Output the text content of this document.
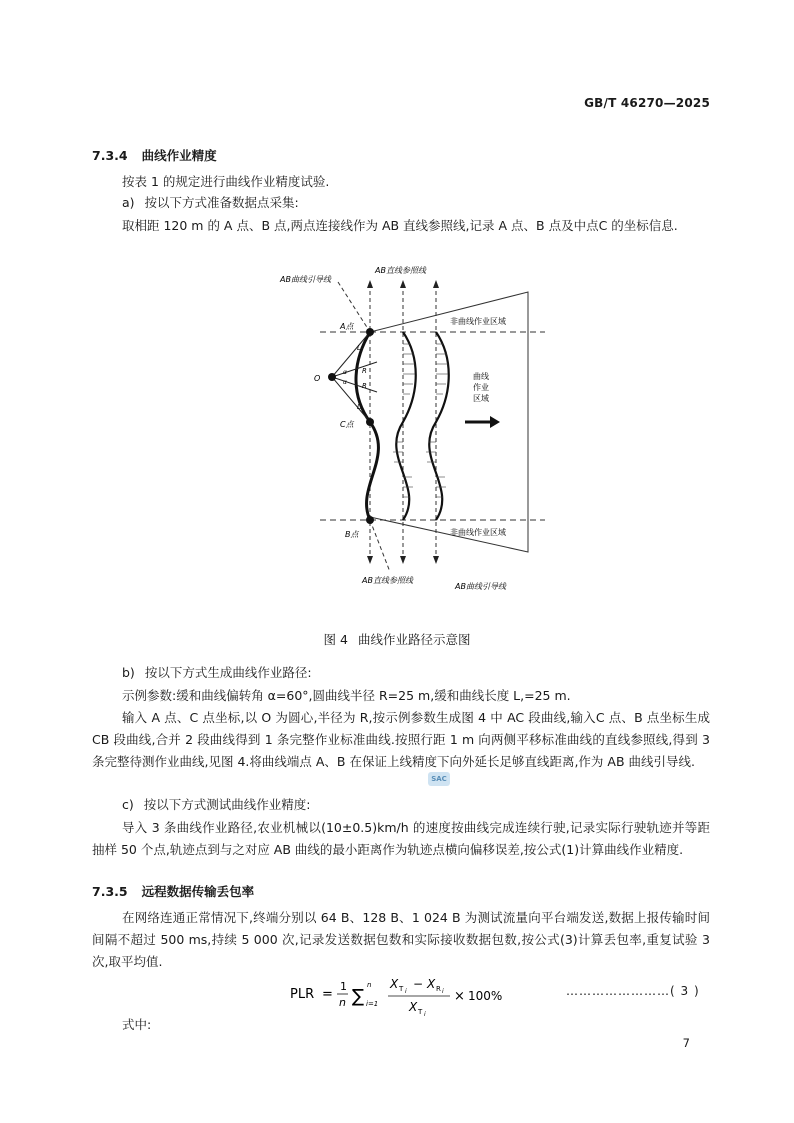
GB/T 46270—2025
7.3.4 曲线作业精度
按表 1 的规定进行曲线作业精度试验.
a) 按以下方式准备数据点采集:
取相距 120 m 的 A 点、B 点,两点连接线作为 AB 直线参照线,记录 A 点、B 点及中点C 的坐标信息.
AB曲线引导线
AB直线参照线
非曲线作业区域
A点
O
C点
B点
L
R
α
α R
L
曲线
作业
区域
非曲线作业区域
AB直线参照线
AB曲线引导线
图 4 曲线作业路径示意图
b) 按以下方式生成曲线作业路径:
示例参数:缓和曲线偏转角 α=60°,圆曲线半径 R=25 m,缓和曲线长度 L,=25 m.
输入 A 点、C 点坐标,以 O 为圆心,半径为 R,按示例参数生成图 4 中 AC 段曲线,输入C 点、B 点坐标生成CB 段曲线,合并 2 段曲线得到 1 条完整作业标准曲线.按照行距 1 m 向两侧平移标准曲线的直线参照线,得到 3 条完整待测作业曲线,见图 4.将曲线端点 A、B 在保证上线精度下向外延长足够直线距离,作为 AB 曲线引导线.
c) 按以下方式测试曲线作业精度:
导入 3 条曲线作业路径,农业机械以(10±0.5)km/h 的速度按曲线完成连续行驶,记录实际行驶轨迹并等距抽样 50 个点,轨迹点到与之对应 AB 曲线的最小距离作为轨迹点横向偏移误差,按公式(1)计算曲线作业精度.
SAC
7.3.5 远程数据传输丢包率
在网络连通正常情况下,终端分别以 64 B、128 B、1 024 B 为测试流量向平台端发送,数据上报传输时间间隔不超过 500 ms,持续 5 000 次,记录发送数据包数和实际接收数据包数,按公式(3)计算丢包率,重复试验 3 次,取平均值.
PLR =
1
n ∑
n
i=1
X T i
− X R i
X T i
× 100%	……………………( 3 )
式中:
7
